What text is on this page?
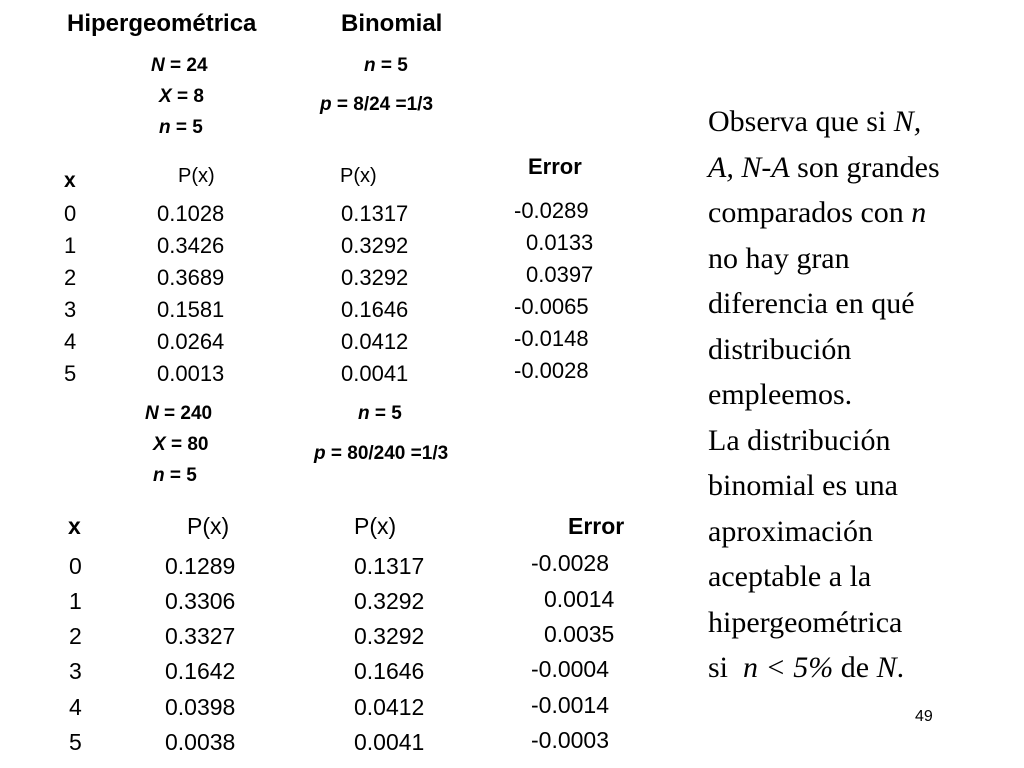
Hipergeométrica	Binomial
N = 24
X = 8
n = 5
n = 5
p = 8/24 =1/3
x	P(x)	P(x)	Error
0	0.1028	0.1317	-0.0289
1	0.3426	0.3292	0.0133
2	0.3689	0.3292	0.0397
3	0.1581	0.1646	-0.0065
4	0.0264	0.0412	-0.0148
5	0.0013	0.0041	-0.0028
N = 240
X = 80
n = 5
n = 5
p = 80/240 =1/3
x	P(x)	P(x)	Error
0	0.1289	0.1317	-0.0028
1	0.3306	0.3292	0.0014
2	0.3327	0.3292	0.0035
3	0.1642	0.1646	-0.0004
4	0.0398	0.0412	-0.0014
5	0.0038	0.0041	-0.0003
Observa que si N,
A, N-A son grandes
comparados con n
no hay gran
diferencia en qué
distribución
empleemos.
La distribución
binomial es una
aproximación
aceptable a la
hipergeométrica
si  n < 5% de N.
49
